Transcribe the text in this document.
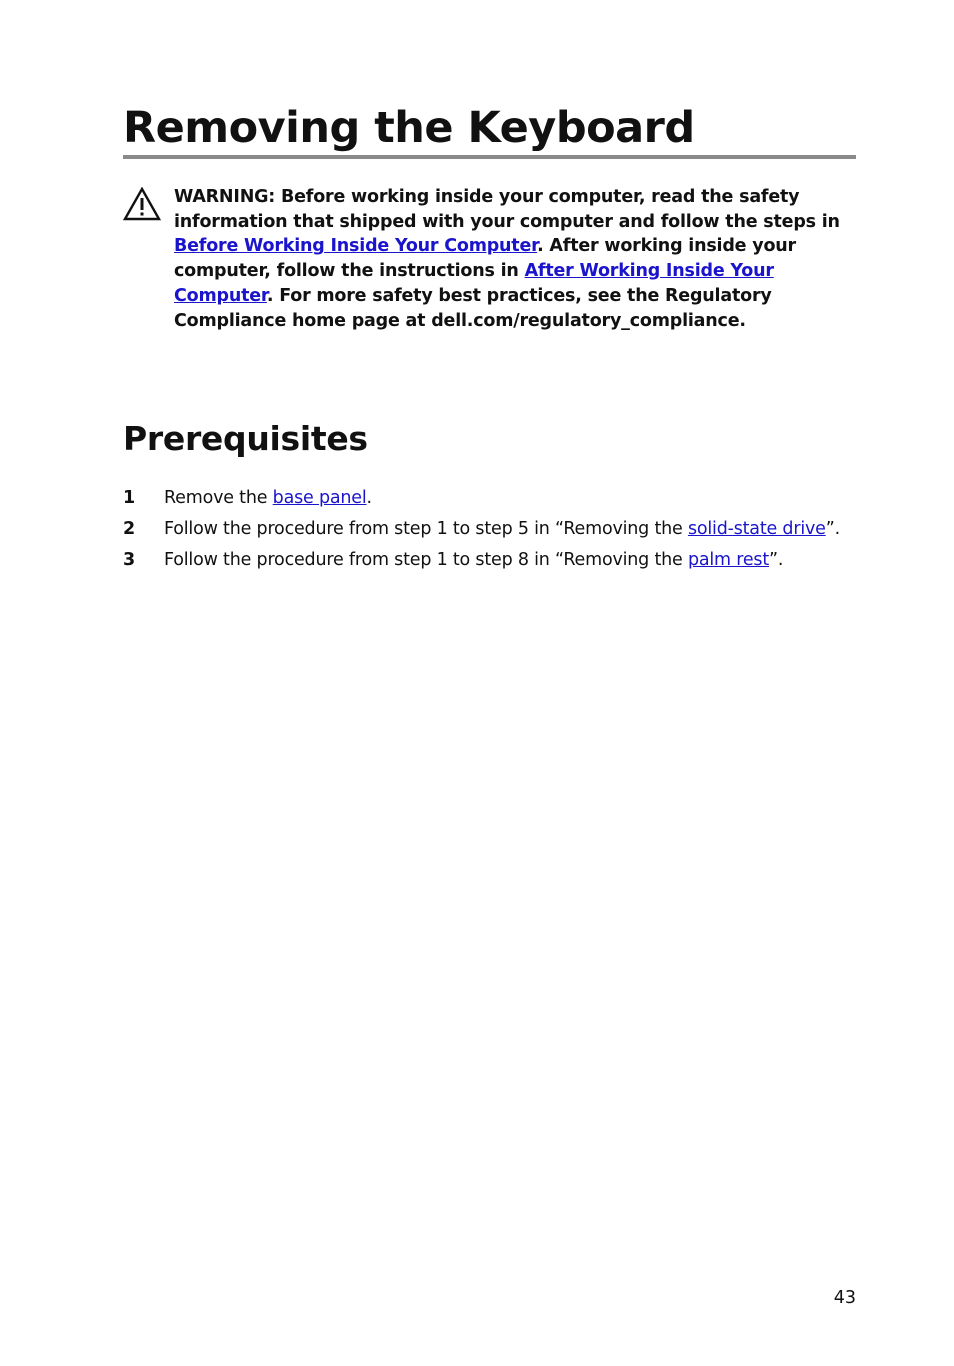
Removing the Keyboard

WARNING: Before working inside your computer, read the safety information that shipped with your computer and follow the steps in Before Working Inside Your Computer. After working inside your computer, follow the instructions in After Working Inside Your Computer. For more safety best practices, see the Regulatory Compliance home page at dell.com/regulatory_compliance.

Prerequisites
1 Remove the base panel.
2 Follow the procedure from step 1 to step 5 in “Removing the solid-state drive”.
3 Follow the procedure from step 1 to step 8 in “Removing the palm rest”.
43
